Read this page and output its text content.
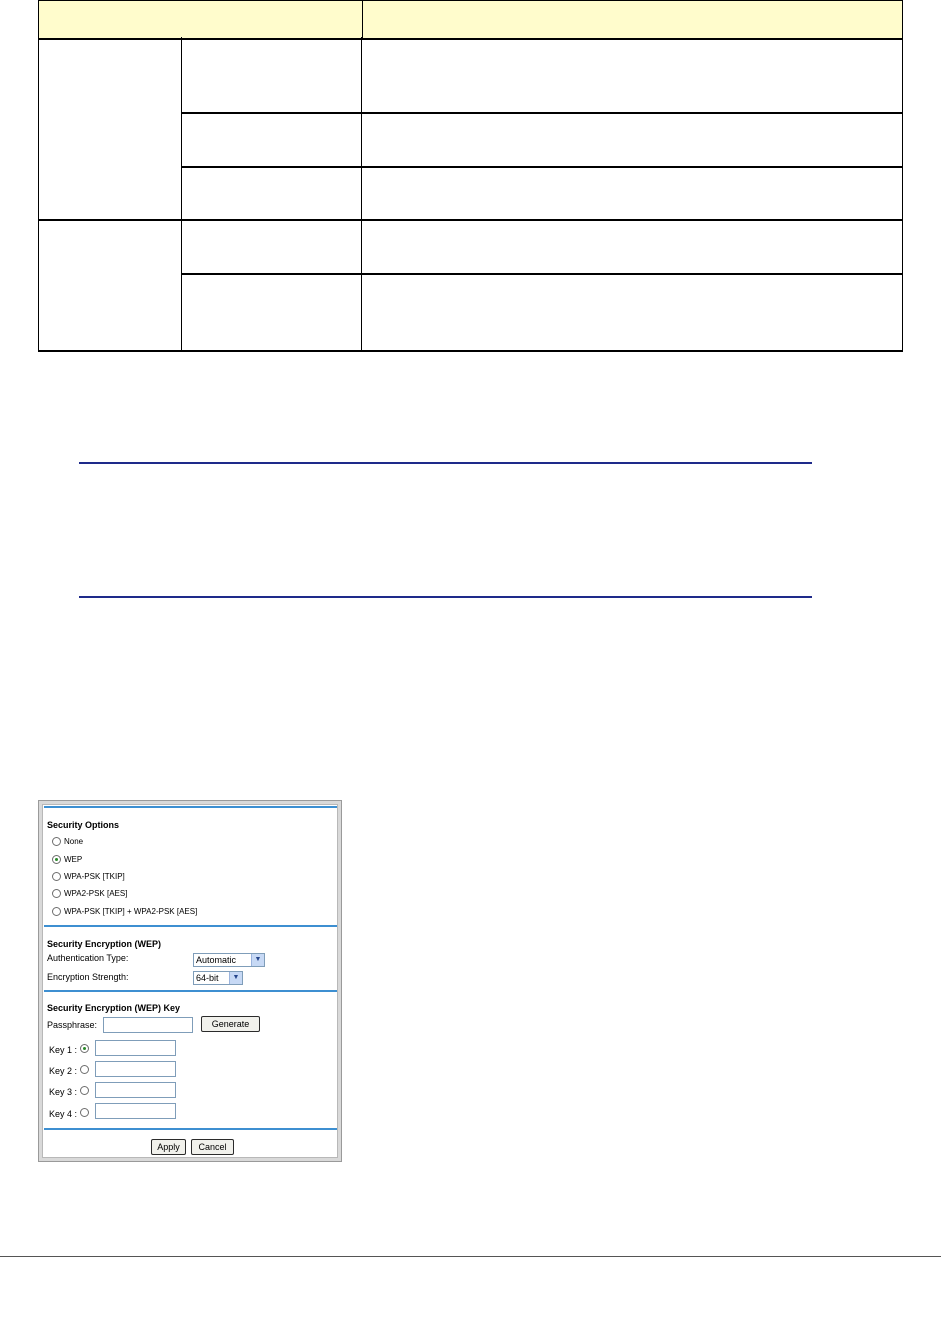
Security Options
None
WEP
WPA-PSK [TKIP]
WPA2-PSK [AES]
WPA-PSK [TKIP] + WPA2-PSK [AES]
Security Encryption (WEP)
Authentication Type:	Automatic	▼
Encryption Strength:	64-bit	▼
Security Encryption (WEP) Key
Passphrase:	Generate
Key 1 :
Key 2 :
Key 3 :
Key 4 :
Apply	Cancel
